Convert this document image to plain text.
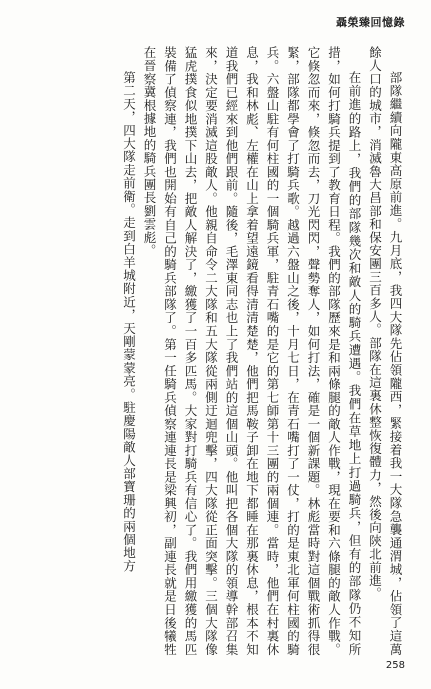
聶榮臻回憶錄

部隊繼續向隴東高原前進。九月底，我四大隊先佔領隴西，緊接着我一大隊急襲通渭城，佔領了這萬餘人口的城市，消滅魯大昌部和保安團三百多人。部隊在這裏休整恢復體力，然後向陝北前進。

在前進的路上，我們的部隊幾次和敵人的騎兵遭遇。我們在草地上打過騎兵，但有的部隊仍不知所措，如何打騎兵提到了教育日程。我們的部隊歷來是和兩條腿的敵人作戰，現在要和六條腿的敵人作戰。它倏忽而來，倏忽而去，刀光閃閃，聲勢奪人，如何打法，確是一個新課題。林彪當時對這個戰術抓得很緊，部隊都學會了打騎兵歌。越過六盤山之後，十月七日，在青石嘴打了一仗，打的是東北軍何柱國的騎兵。六盤山駐有何柱國的一個騎兵軍，駐青石嘴的是它的第七師第十三團的兩個連。當時，他們在村裏休息，我和林彪、左權在山上拿着望遠鏡看得清清楚楚，他們把馬鞍子卸在地下都睡在那裏休息，根本不知道我們已經來到他們跟前。隨後，毛澤東同志也上了我們站的這個山頭。他叫把各個大隊的領導幹部召集來，決定要消滅這股敵人。他親自命令二大隊和五大隊從兩側迂迴兜擊，四大隊從正面突擊。三個大隊像猛虎撲食似地撲下山去，把敵人解決了，繳獲了一百多匹馬。大家對打騎兵有信心了。我們用繳獲的馬匹裝備了偵察連，我們也開始有自己的騎兵部隊了。第一任騎兵偵察連連長是梁興初，副連長就是日後犧牲在晉察冀根據地的騎兵團長劉雲彪。

第二天，四大隊走前衛。走到白羊城附近，天剛蒙蒙亮。駐慶陽敵人部寶珊的兩個地方

258
